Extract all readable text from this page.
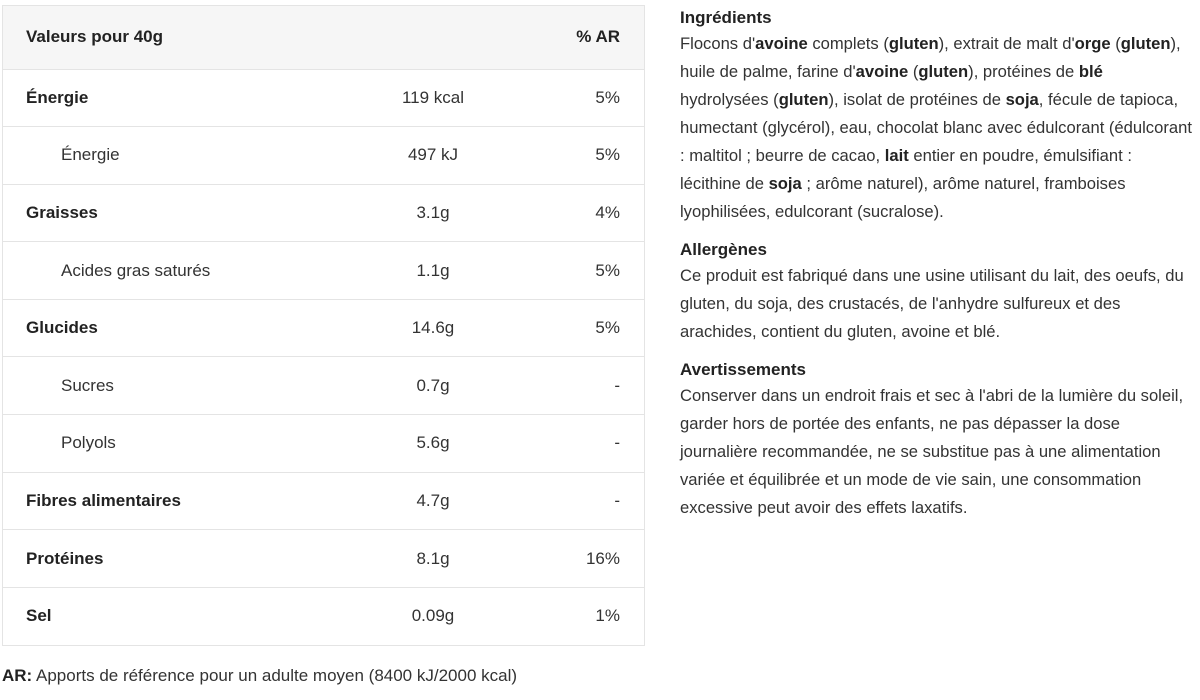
Valeurs pour 40g		% AR
Énergie	119 kcal	5%
Énergie	497 kJ	5%
Graisses	3.1g	4%
Acides gras saturés	1.1g	5%
Glucides	14.6g	5%
Sucres	0.7g	-
Polyols	5.6g	-
Fibres alimentaires	4.7g	-
Protéines	8.1g	16%
Sel	0.09g	1%
AR: Apports de référence pour un adulte moyen (8400 kJ/2000 kcal)
Ingrédients

Flocons d'avoine complets (gluten), extrait de malt d'orge (gluten), huile de palme, farine d'avoine (gluten), protéines de blé hydrolysées (gluten), isolat de protéines de soja, fécule de tapioca, humectant (glycérol), eau, chocolat blanc avec édulcorant (édulcorant : maltitol ; beurre de cacao, lait entier en poudre, émulsifiant : lécithine de soja ; arôme naturel), arôme naturel, framboises lyophilisées, edulcorant (sucralose).

Allergènes

Ce produit est fabriqué dans une usine utilisant du lait, des oeufs, du gluten, du soja, des crustacés, de l'anhydre sulfureux et des arachides, contient du gluten, avoine et blé.

Avertissements

Conserver dans un endroit frais et sec à l'abri de la lumière du soleil, garder hors de portée des enfants, ne pas dépasser la dose journalière recommandée, ne se substitue pas à une alimentation variée et équilibrée et un mode de vie sain, une consommation excessive peut avoir des effets laxatifs.
